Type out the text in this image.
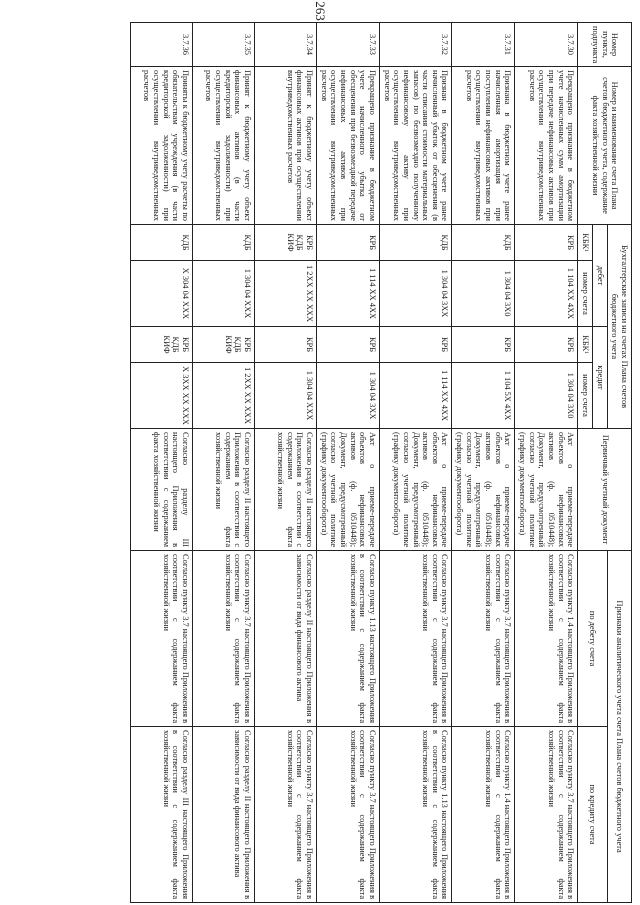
263
Номер пункта, подпункта	Номер и наименование счета Плана счетов бюджетного учета, содержание факта хозяйственной жизни	Бухгалтерские записи на счетах Плана счетов бюджетного учета				Первичный учетный документ	Признаки аналитического учета счета Плана счетов бюджетного учета	
		дебет		кредит			по дебету счета	по кредиту счета
		КБК¹	номер счета	КБК¹	номер счета			
3.7.30	Прекращено признание в бюджетном учете начисленных сумм амортизации при передаче нефинансовых активов при осуществлении внутриведомственных расчетов	КРБ	1 104 XX 4XX	КРБ	1 304 04 3X0	Акт о приеме-передаче объектов нефинансовых активов (ф. 0510448); Документ, предусмотренный согласно учетной политике (графику документооборота)	Согласно пункту 1.4 настоящего Приложения в соответствии с содержанием факта хозяйственной жизни	Согласно пункту 3.7 настоящего Приложения в соответствии с содержанием факта хозяйственной жизни
3.7.31	Признана в бюджетном учете ранее начисленная амортизация при поступлении нефинансовых активов при осуществлении внутриведомственных расчетов	КДБ	1 304 04 3X0	КРБ	1 104 5X 4XX	Акт о приеме-передаче объектов нефинансовых активов (ф. 0510448); Документ, предусмотренный согласно учетной политике (графику документооборота)	Согласно пункту 3.7 настоящего Приложения в соответствии с содержанием факта хозяйственной жизни	Согласно пункту 1.4 настоящего Приложения в соответствии с содержанием факта хозяйственной жизни
3.7.32	Признан в бюджетном учете ранее начисленный убыток от обесценения (в части списания стоимости материальных запасов) по безвозмездно полученному нефинансовому активу при осуществлении внутриведомственных расчетов	КДБ	1 304 04 3XX	КРБ	1 114 XX 4XX	Акт о приеме-передаче объектов нефинансовых активов (ф. 0510448); Документ, предусмотренный согласно учетной политике (графику документооборота)	Согласно пункту 3.7 настоящего Приложения в соответствии с содержанием факта хозяйственной жизни	Согласно пункту 1.13 настоящего Приложения в соответствии с содержанием факта хозяйственной жизни
3.7.33	Прекращено признание в бюджетном учете начисленного убытка от обесценения при безвозмездной передаче нефинансовых активов при осуществлении внутриведомственных расчетов	КРБ	1 114 XX 4XX	КРБ	1 304 04 3XX	Акт о приеме-передаче объектов нефинансовых активов (ф. 0510448); Документ, предусмотренный согласно учетной политике (графику документооборота)	Согласно пункту 1.13 настоящего Приложения в соответствии с содержанием факта хозяйственной жизни	Согласно пункту 3.7 настоящего Приложения в соответствии с содержанием факта хозяйственной жизни
3.7.34	Принят к бюджетному учету объект финансовых активов при осуществлении внутриведомственных расчетов	КРБ
КДБ
КИФ	1 2XX XX XXX	КРБ	1 304 04 XXX	Согласно разделу II настоящего Приложения в соответствии с содержанием факта хозяйственной жизни	Согласно разделу II настоящего Приложения в зависимости от вида финансового актива	Согласно пункту 3.7 настоящего Приложения в соответствии с содержанием факта хозяйственной жизни
3.7.35	Принят к бюджетному учету объект финансовых активов (в части кредиторской задолженности) при осуществлении внутриведомственных расчетов	КДБ	1 304 04 XXX	КРБ
КДБ
КИФ	1 2XX XX XXX	Согласно разделу II настоящего Приложения в соответствии с содержанием факта хозяйственной жизни	Согласно пункту 3.7 настоящего Приложения в соответствии с содержанием факта хозяйственной жизни	Согласно разделу II настоящего Приложения в зависимости от вида финансового актива
3.7.36	Приняты к бюджетному учету расчеты по обязательствам учреждения (в части кредиторской задолженности) при осуществлении внутриведомственных расчетов	КДБ	X 304 04 XXX	КРБ
КДБ
КИФ	X 3XX XX XXX	Согласно разделу III настоящего Приложения в соответствии с содержанием факта хозяйственной жизни	Согласно пункту 3.7 настоящего Приложения в соответствии с содержанием факта хозяйственной жизни	Согласно разделу III настоящего Приложения в соответствии с содержанием факта хозяйственной жизни
